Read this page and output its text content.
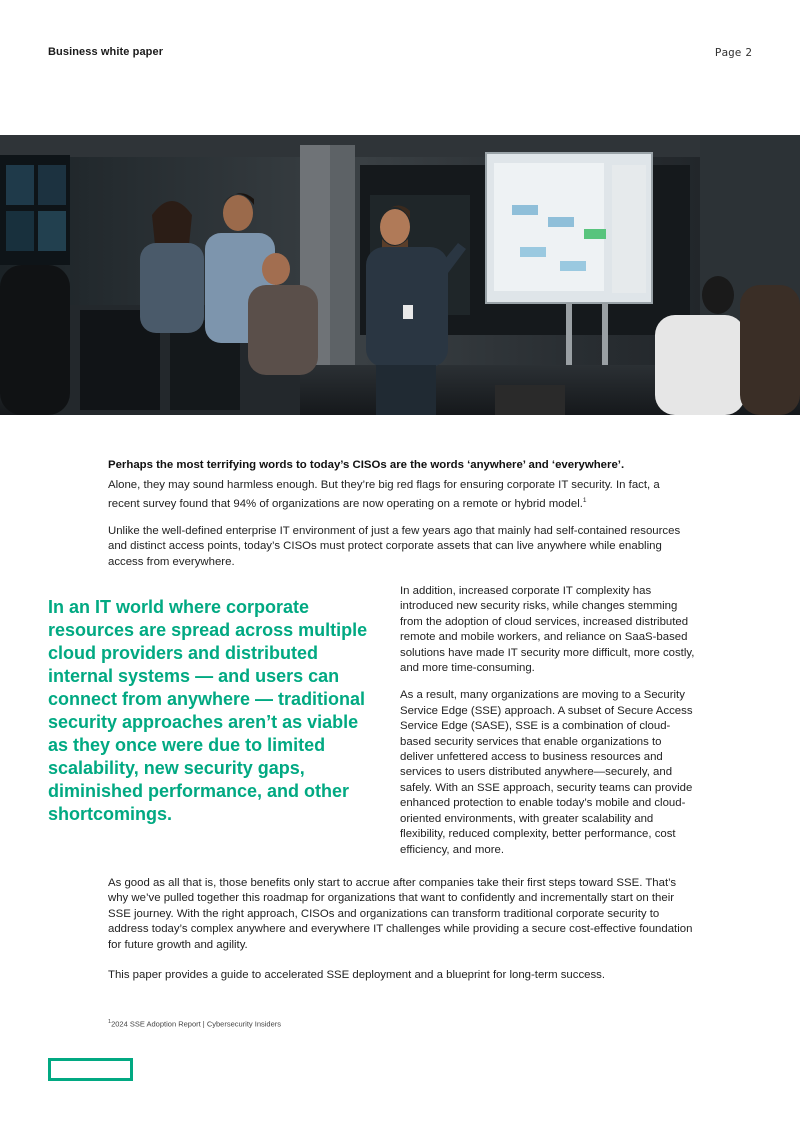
Business white paper	Page 2

Perhaps the most terrifying words to today’s CISOs are the words ‘anywhere’ and ‘everywhere’.

Alone, they may sound harmless enough. But they’re big red flags for ensuring corporate IT security. In fact, a recent survey found that 94% of organizations are now operating on a remote or hybrid model.$^1$

Unlike the well-defined enterprise IT environment of just a few years ago that mainly had self-contained resources and distinct access points, today’s CISOs must protect corporate assets that can live anywhere while enabling access from everywhere.

In an IT world where corporate resources are spread across multiple cloud providers and distributed internal systems — and users can connect from anywhere — traditional security approaches aren’t as viable as they once were due to limited scalability, new security gaps, diminished performance, and other shortcomings.

In addition, increased corporate IT complexity has introduced new security risks, while changes stemming from the adoption of cloud services, increased distributed remote and mobile workers, and reliance on SaaS-based solutions have made IT security more difficult, more costly, and more time-consuming.

As a result, many organizations are moving to a Security Service Edge (SSE) approach. A subset of Secure Access Service Edge (SASE), SSE is a combination of cloud-based security services that enable organizations to deliver unfettered access to business resources and services to users distributed anywhere—securely, and safely. With an SSE approach, security teams can provide enhanced protection to enable today’s mobile and cloud-oriented environments, with greater scalability and flexibility, reduced complexity, better performance, cost efficiency, and more.

As good as all that is, those benefits only start to accrue after companies take their first steps toward SSE. That’s why we’ve pulled together this roadmap for organizations that want to confidently and incrementally start on their SSE journey. With the right approach, CISOs and organizations can transform traditional corporate security to address today’s complex anywhere and everywhere IT challenges while providing a secure cost-effective foundation for future growth and agility.

This paper provides a guide to accelerated SSE deployment and a blueprint for long-term success.

$^1$2024 SSE Adoption Report | Cybersecurity Insiders
